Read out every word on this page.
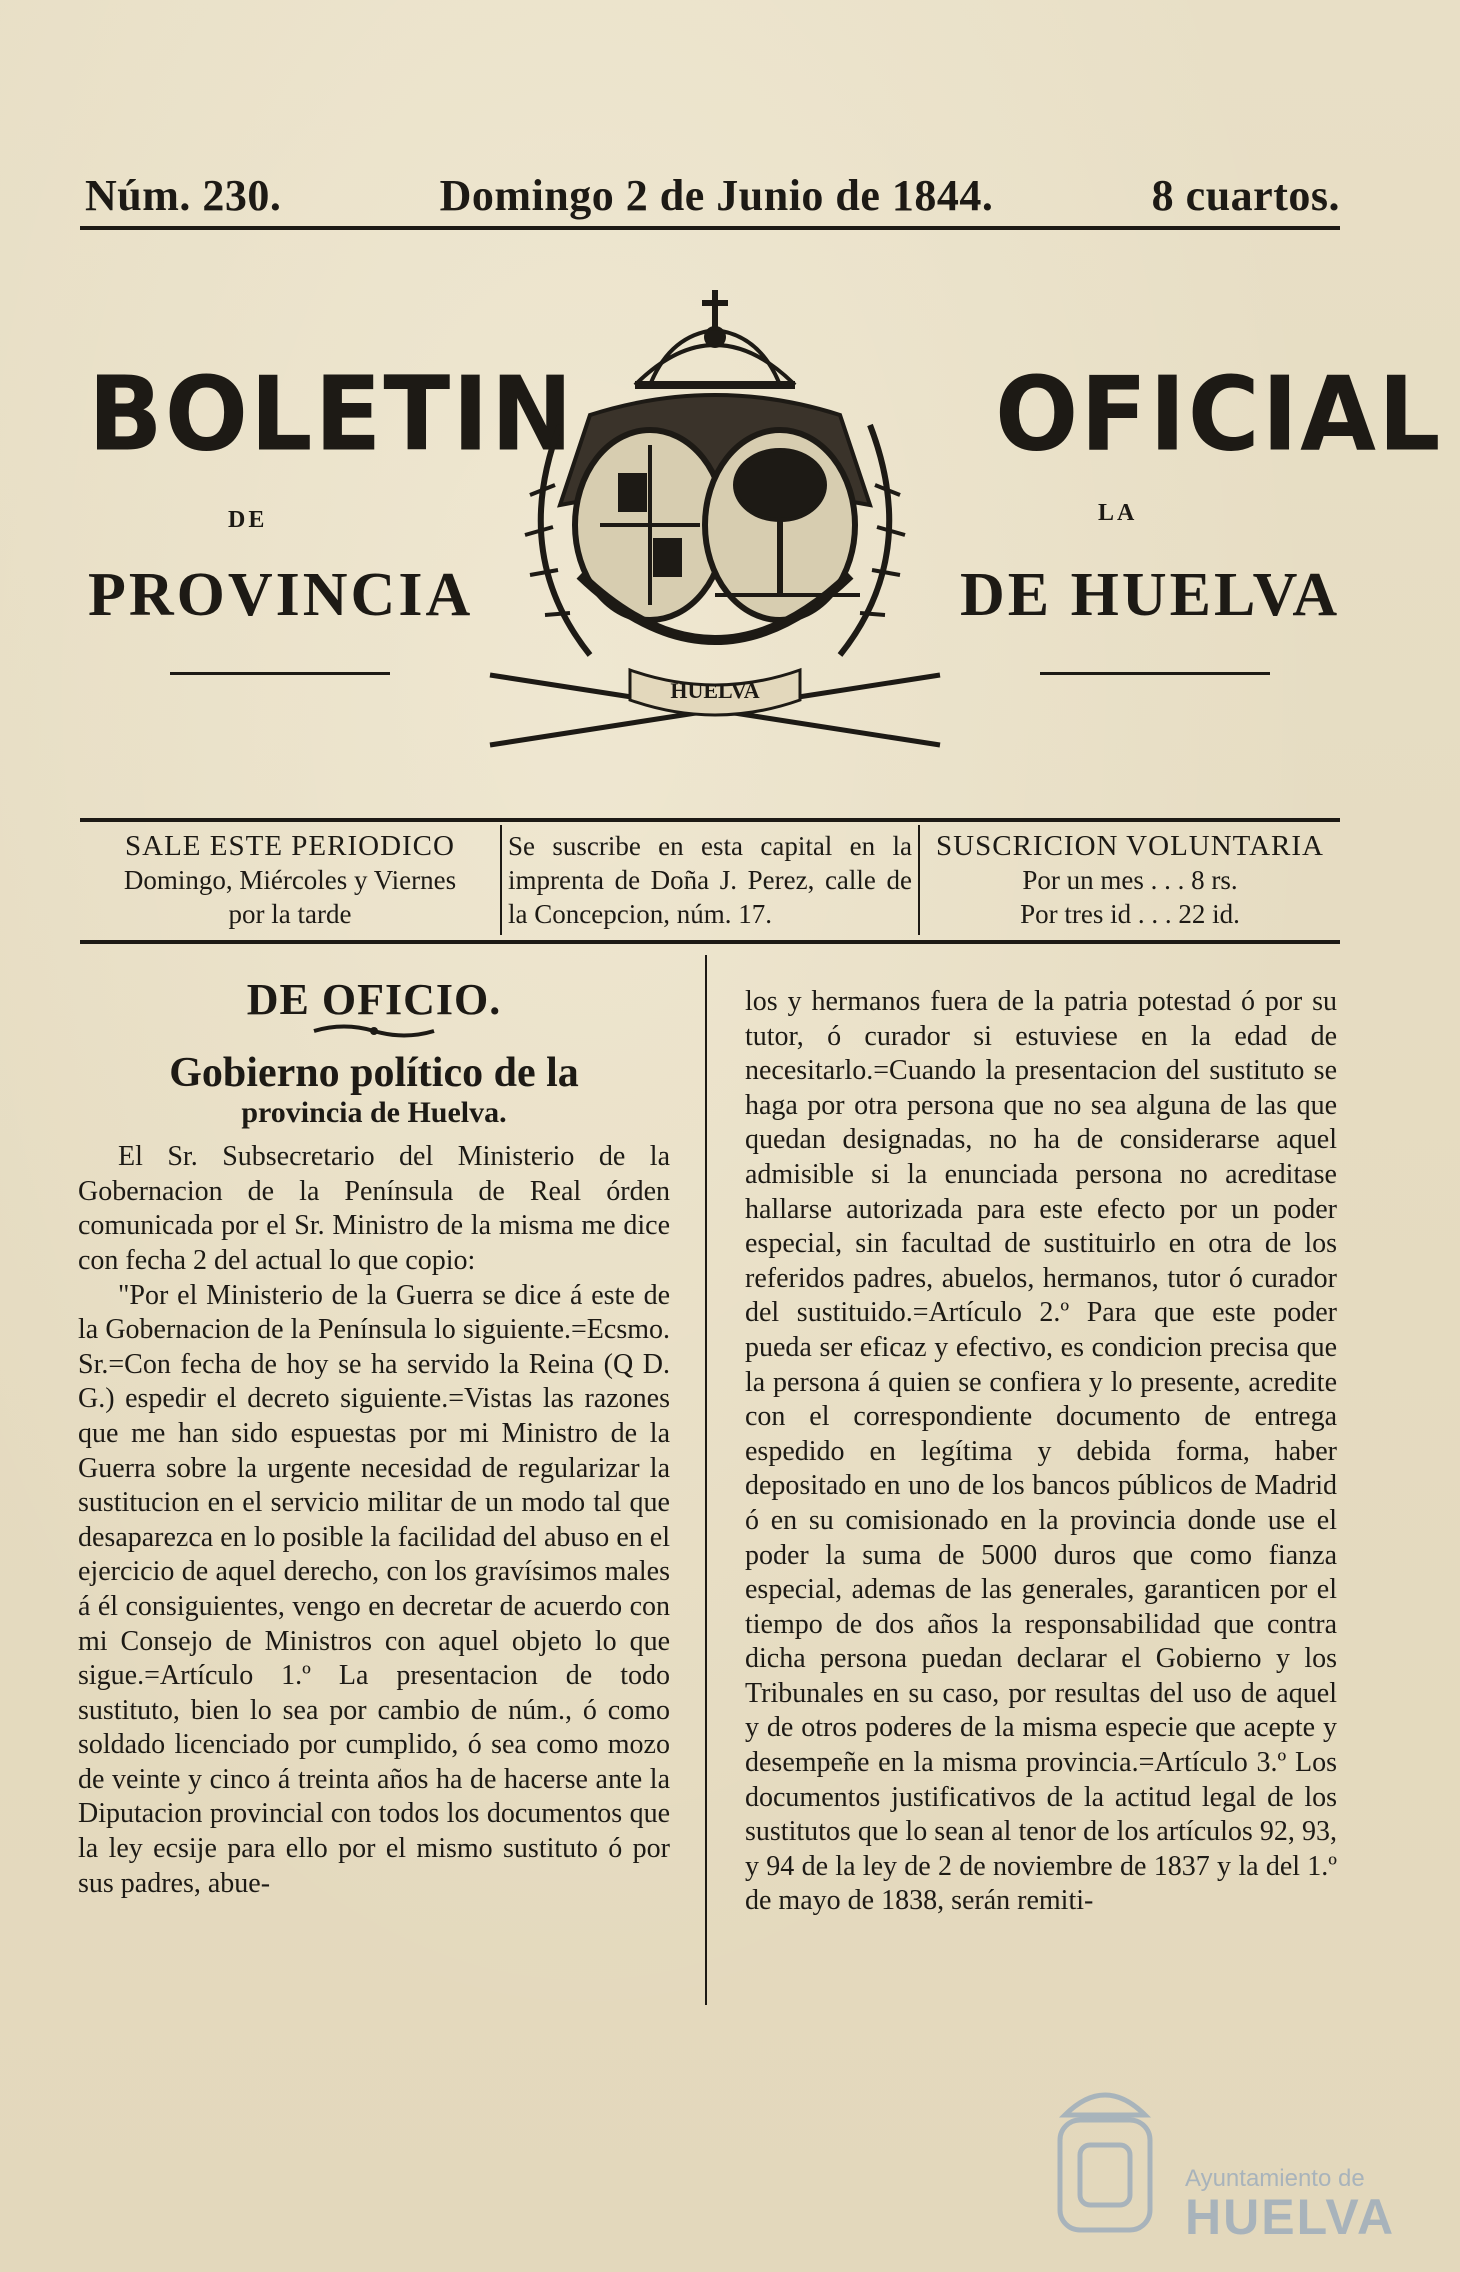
Núm. 230.	Domingo 2 de Junio de 1844.	8 cuartos.
BOLETIN	OFICIAL
DE	LA
PROVINCIA	DE HUELVA
HUELVA
SALE ESTE PERIODICO
Domingo, Miércoles y Viernes
por la tarde
Se suscribe en esta capital en la imprenta de Doña J. Perez, calle de la Concepcion, núm. 17.
SUSCRICION VOLUNTARIA
Por un mes . . . 8 rs.
Por tres id . . . 22 id.
DE OFICIO.
Gobierno político de la
provincia de Huelva.

El Sr. Subsecretario del Ministerio de la Gobernacion de la Península de Real órden comunicada por el Sr. Ministro de la misma me dice con fecha 2 del actual lo que copio:

"Por el Ministerio de la Guerra se dice á este de la Gobernacion de la Península lo siguiente.=Ecsmo. Sr.=Con fecha de hoy se ha servido la Reina (Q D. G.) espedir el decreto siguiente.=Vistas las razones que me han sido espuestas por mi Ministro de la Guerra sobre la urgente necesidad de regularizar la sustitucion en el servicio militar de un modo tal que desaparezca en lo posible la facilidad del abuso en el ejercicio de aquel derecho, con los gravísimos males á él consiguientes, vengo en decretar de acuerdo con mi Consejo de Ministros con aquel objeto lo que sigue.=Artículo 1.º La presentacion de todo sustituto, bien lo sea por cambio de núm., ó como soldado licenciado por cumplido, ó sea como mozo de veinte y cinco á treinta años ha de hacerse ante la Diputacion provincial con todos los documentos que la ley ecsije para ello por el mismo sustituto ó por sus padres, abue-

los y hermanos fuera de la patria potestad ó por su tutor, ó curador si estuviese en la edad de necesitarlo.=Cuando la presentacion del sustituto se haga por otra persona que no sea alguna de las que quedan designadas, no ha de considerarse aquel admisible si la enunciada persona no acreditase hallarse autorizada para este efecto por un poder especial, sin facultad de sustituirlo en otra de los referidos padres, abuelos, hermanos, tutor ó curador del sustituido.=Artículo 2.º Para que este poder pueda ser eficaz y efectivo, es condicion precisa que la persona á quien se confiera y lo presente, acredite con el correspondiente documento de entrega espedido en legítima y debida forma, haber depositado en uno de los bancos públicos de Madrid ó en su comisionado en la provincia donde use el poder la suma de 5000 duros que como fianza especial, ademas de las generales, garanticen por el tiempo de dos años la responsabilidad que contra dicha persona puedan declarar el Gobierno y los Tribunales en su caso, por resultas del uso de aquel y de otros poderes de la misma especie que acepte y desempeñe en la misma provincia.=Artículo 3.º Los documentos justificativos de la actitud legal de los sustitutos que lo sean al tenor de los artículos 92, 93, y 94 de la ley de 2 de noviembre de 1837 y la del 1.º de mayo de 1838, serán remiti-

Ayuntamiento de
HUELVA
